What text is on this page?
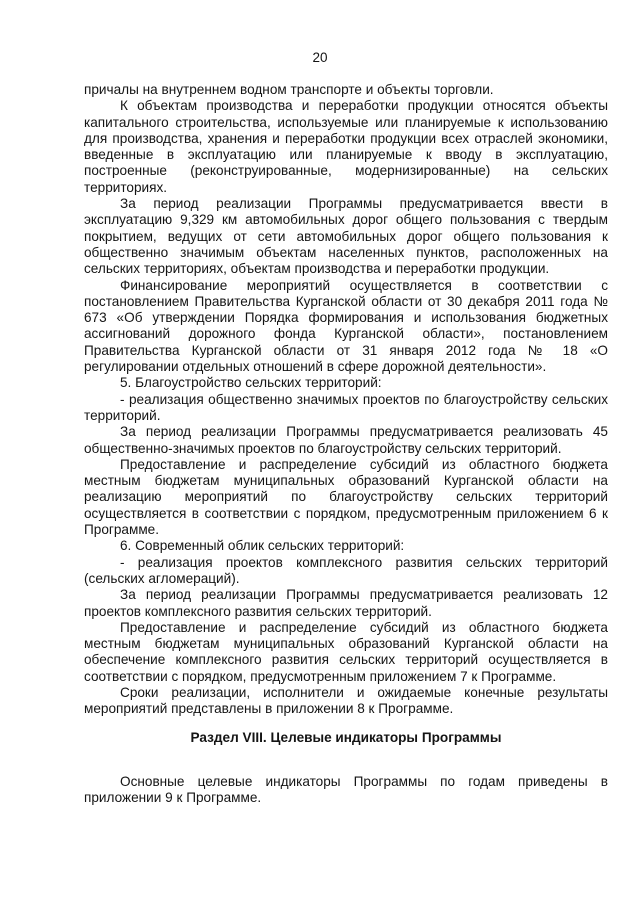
20

причалы на внутреннем водном транспорте и объекты торговли.

К объектам производства и переработки продукции относятся объекты капитального строительства, используемые или планируемые к использованию для производства, хранения и переработки продукции всех отраслей экономики, введенные в эксплуатацию или планируемые к вводу в эксплуатацию, построенные (реконструированные, модернизированные) на сельских территориях.

За период реализации Программы предусматривается ввести в эксплуатацию 9,329 км автомобильных дорог общего пользования с твердым покрытием, ведущих от сети автомобильных дорог общего пользования к общественно значимым объектам населенных пунктов, расположенных на сельских территориях, объектам производства и переработки продукции.

Финансирование мероприятий осуществляется в соответствии с постановлением Правительства Курганской области от 30 декабря 2011 года № 673 «Об утверждении Порядка формирования и использования бюджетных ассигнований дорожного фонда Курганской области», постановлением Правительства Курганской области от 31 января 2012 года № 18 «О регулировании отдельных отношений в сфере дорожной деятельности».

5. Благоустройство сельских территорий:

- реализация общественно значимых проектов по благоустройству сельских территорий.

За период реализации Программы предусматривается реализовать 45 общественно-значимых проектов по благоустройству сельских территорий.

Предоставление и распределение субсидий из областного бюджета местным бюджетам муниципальных образований Курганской области на реализацию мероприятий по благоустройству сельских территорий осуществляется в соответствии с порядком, предусмотренным приложением 6 к Программе.

6. Современный облик сельских территорий:

- реализация проектов комплексного развития сельских территорий (сельских агломераций).

За период реализации Программы предусматривается реализовать 12 проектов комплексного развития сельских территорий.

Предоставление и распределение субсидий из областного бюджета местным бюджетам муниципальных образований Курганской области на обеспечение комплексного развития сельских территорий осуществляется в соответствии с порядком, предусмотренным приложением 7 к Программе.

Сроки реализации, исполнители и ожидаемые конечные результаты мероприятий представлены в приложении 8 к Программе.

Раздел VIII. Целевые индикаторы Программы

Основные целевые индикаторы Программы по годам приведены в приложении 9 к Программе.
